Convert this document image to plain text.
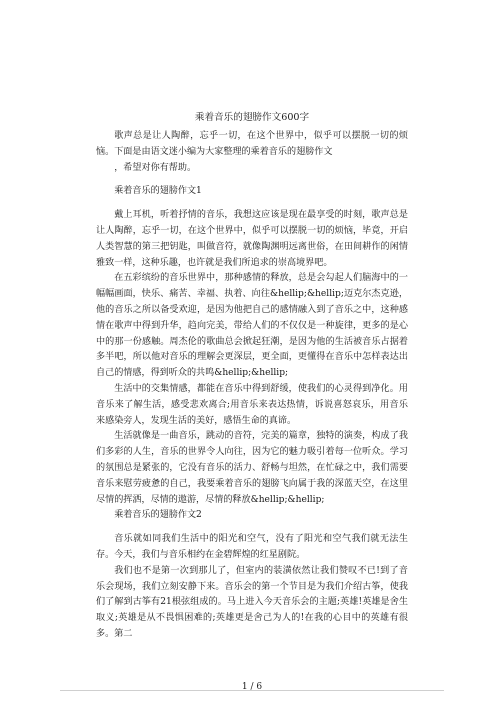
乘着音乐的翅膀作文600字

歌声总是让人陶醉，忘乎一切，在这个世界中，似乎可以摆脱一切的烦恼。下面是由语文迷小编为大家整理的乘着音乐的翅膀作文

，希望对你有帮助。

乘着音乐的翅膀作文1

戴上耳机，听着抒情的音乐，我想这应该是现在最享受的时刻，歌声总是让人陶醉，忘乎一切，在这个世界中，似乎可以摆脱一切的烦恼，毕竟，开启人类智慧的第三把钥匙，叫做音符，就像陶渊明远离世俗，在田间耕作的闲情雅致一样，这种乐趣，也许就是我们所追求的崇高境界吧。

在五彩缤纷的音乐世界中，那种感情的释放，总是会勾起人们脑海中的一幅幅画面，快乐、痛苦、幸福、执着、向往&hellip;&hellip;迈克尔杰克逊，他的音乐之所以备受欢迎，是因为他把自己的感情融入到了音乐之中，这种感情在歌声中得到升华，趋向完美，带给人们的不仅仅是一种旋律，更多的是心中的那一份感触。周杰伦的歌曲总会掀起狂潮，是因为他的生活被音乐占据着多半吧，所以他对音乐的理解会更深层，更全面，更懂得在音乐中怎样表达出自己的情感，得到听众的共鸣&hellip;&hellip;

生活中的交集情感，都能在音乐中得到舒缓，使我们的心灵得到净化。用音乐来了解生活，感受悲欢离合;用音乐来表达热情，诉说喜怒哀乐，用音乐来感染旁人，发现生活的美好，感悟生命的真谛。

生活就像是一曲音乐，跳动的音符，完美的篇章，独特的演奏，构成了我们多彩的人生，音乐的世界令人向往，因为它的魅力吸引着每一位听众。学习的氛围总是紧张的，它没有音乐的活力、舒畅与坦然，在忙碌之中，我们需要音乐来慰劳疲惫的自己，我要乘着音乐的翅膀飞向属于我的深蓝天空，在这里尽情的挥洒，尽情的遨游，尽情的释放&hellip;&hellip;

乘着音乐的翅膀作文2

音乐就如同我们生活中的阳光和空气，没有了阳光和空气我们就无法生存。今天，我们与音乐相约在金碧辉煌的红星剧院。

我们也不是第一次到那儿了，但室内的装潢依然让我们赞叹不已!到了音乐会现场，我们立刻安静下来。音乐会的第一个节目是为我们介绍古筝，使我们了解到古筝有21根弦组成的。马上进入今天音乐会的主题;英雄!英雄是舍生取义;英雄是从不畏惧困难的;英雄更是舍己为人的!在我的心目中的英雄有很多。第二

1 / 6
